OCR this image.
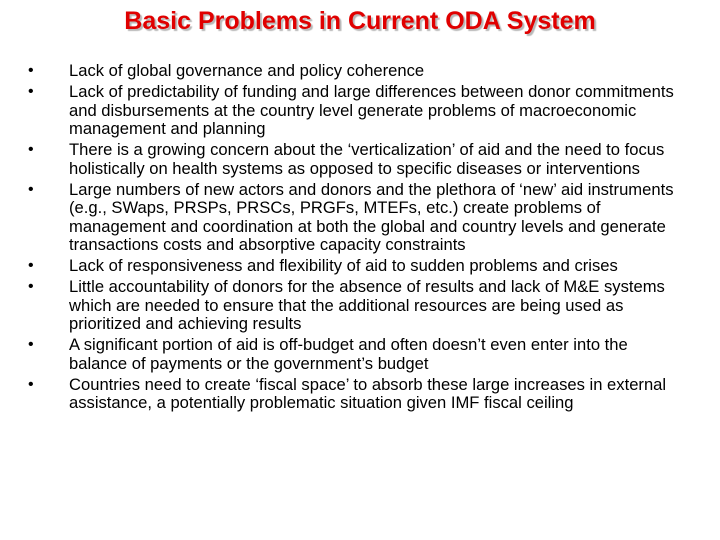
Basic Problems in Current ODA System
•	Lack of global governance and policy coherence
•	Lack of predictability of funding and large differences between donor commitments and disbursements at the country level generate problems of macroeconomic management and planning
•	There is a growing concern about the ‘verticalization’ of aid and the need to focus holistically on health systems as opposed to specific diseases or interventions
•	Large numbers of new actors and donors and the plethora of ‘new’ aid instruments (e.g., SWaps, PRSPs, PRSCs, PRGFs, MTEFs, etc.) create problems of management and coordination at both the global and country levels and generate transactions costs and absorptive capacity constraints
•	Lack of responsiveness and flexibility of aid to sudden problems and crises
•	Little accountability of donors for the absence of results and lack of M&E systems which are needed to ensure that the additional resources are being used as prioritized and achieving results
•	A significant portion of aid is off-budget and often doesn’t even enter into the balance of payments or the government’s budget
•	Countries need to create ‘fiscal space’ to absorb these large increases in external assistance, a potentially problematic situation given IMF fiscal ceiling
